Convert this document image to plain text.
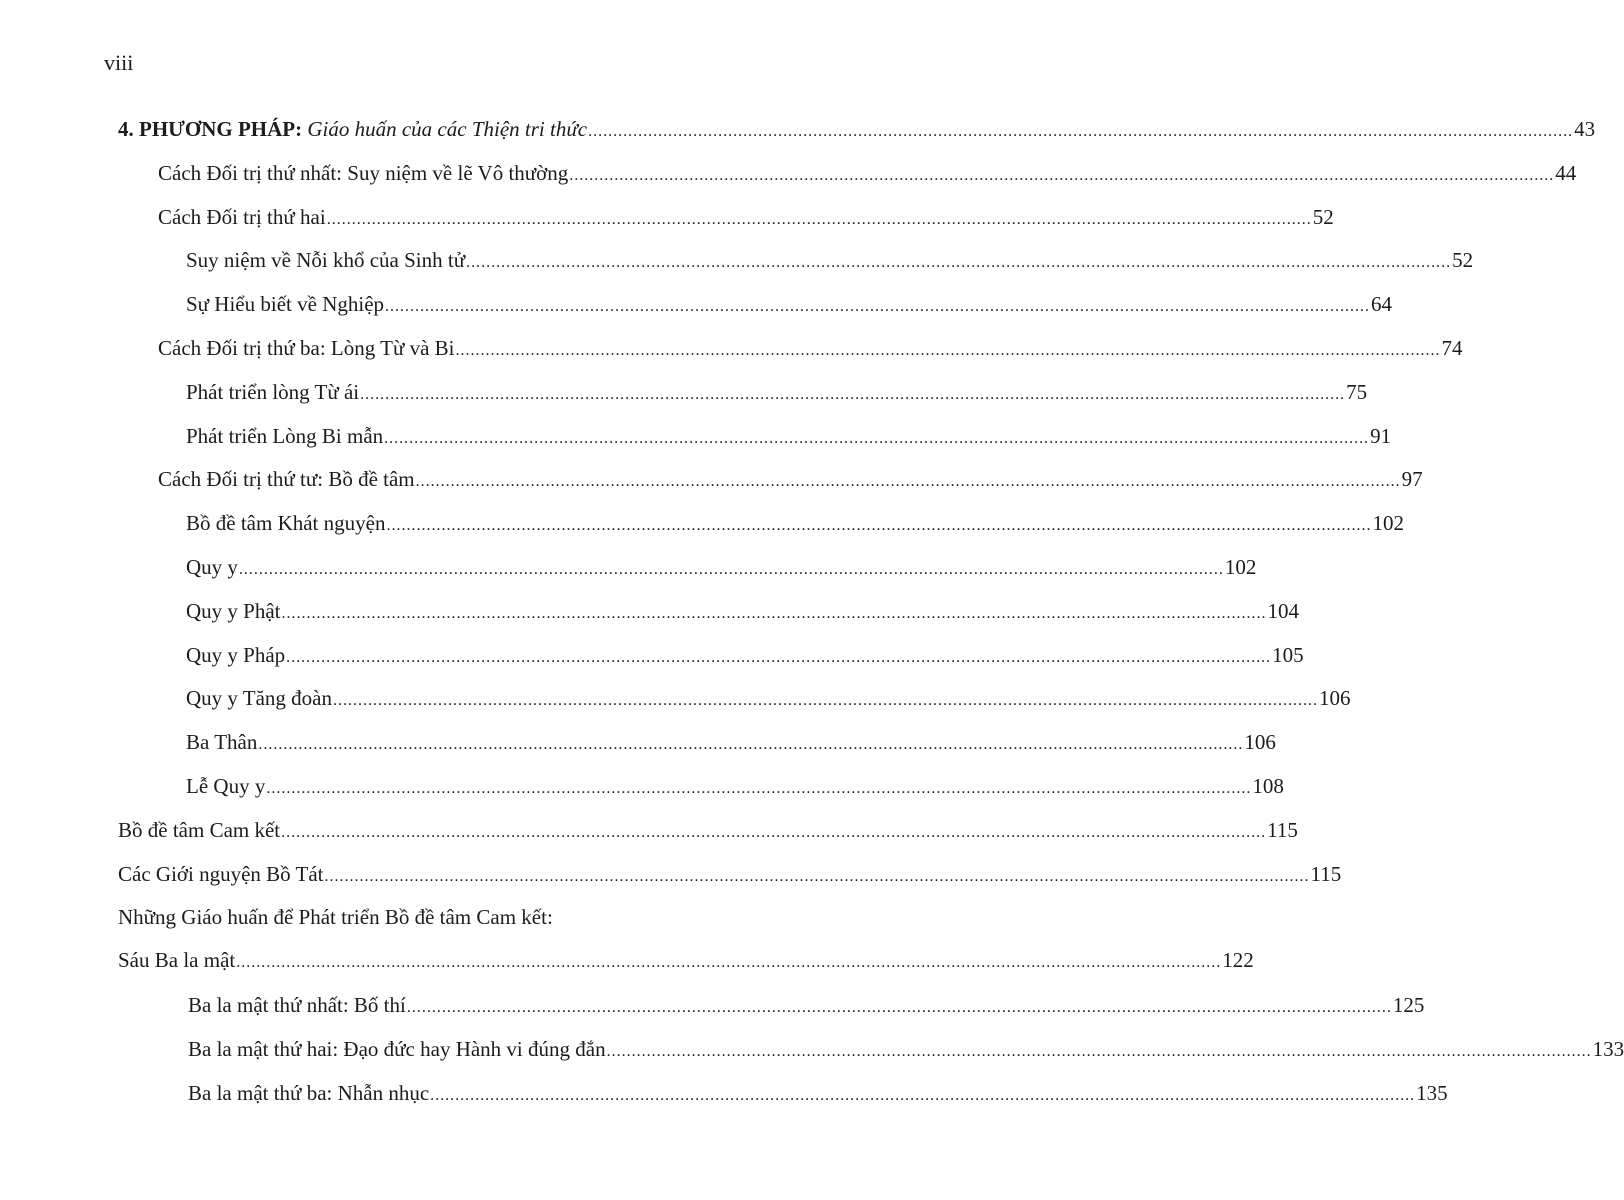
viii
4. PHƯƠNG PHÁP: Giáo huấn của các Thiện tri thức ..................................................................................................................................................................................................... 43
Cách Đối trị thứ nhất: Suy niệm về lẽ Vô thường ..................................................................................................................................................................................................... 44
Cách Đối trị thứ hai ..................................................................................................................................................................................................... 52
Suy niệm về Nỗi khổ của Sinh tử ..................................................................................................................................................................................................... 52
Sự Hiểu biết về Nghiệp ..................................................................................................................................................................................................... 64
Cách Đối trị thứ ba: Lòng Từ và Bi ..................................................................................................................................................................................................... 74
Phát triển lòng Từ ái ..................................................................................................................................................................................................... 75
Phát triển Lòng Bi mẫn ..................................................................................................................................................................................................... 91
Cách Đối trị thứ tư: Bồ đề tâm ..................................................................................................................................................................................................... 97
Bồ đề tâm Khát nguyện ..................................................................................................................................................................................................... 102
Quy y ..................................................................................................................................................................................................... 102
Quy y Phật ..................................................................................................................................................................................................... 104
Quy y Pháp ..................................................................................................................................................................................................... 105
Quy y Tăng đoàn ..................................................................................................................................................................................................... 106
Ba Thân ..................................................................................................................................................................................................... 106
Lễ Quy y ..................................................................................................................................................................................................... 108
Bồ đề tâm Cam kết ..................................................................................................................................................................................................... 115
Các Giới nguyện Bồ Tát ..................................................................................................................................................................................................... 115
Những Giáo huấn để Phát triển Bồ đề tâm Cam kết:
Sáu Ba la mật ..................................................................................................................................................................................................... 122
Ba la mật thứ nhất: Bố thí ..................................................................................................................................................................................................... 125
Ba la mật thứ hai: Đạo đức hay Hành vi đúng đắn ..................................................................................................................................................................................................... 133
Ba la mật thứ ba: Nhẫn nhục ..................................................................................................................................................................................................... 135
